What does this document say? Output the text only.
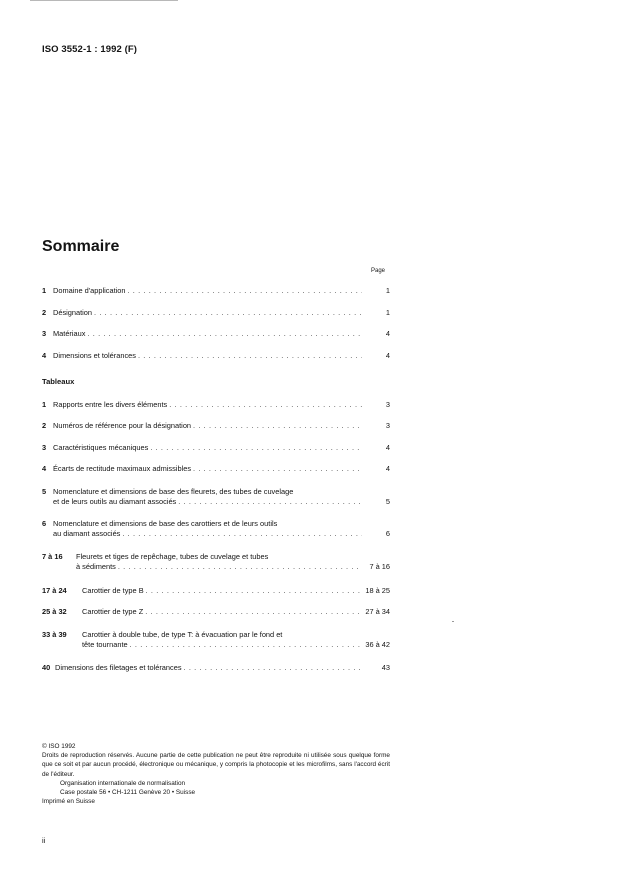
ISO 3552-1 : 1992 (F)
Sommaire
Page
1 Domaine d'application . . .	1
2 Désignation . . .	1
3 Matériaux . . .	4
4 Dimensions et tolérances . . .	4
1 Rapports entre les divers éléments . . .	3
2 Numéros de référence pour la désignation . . .	3
3 Caractéristiques mécaniques . . .	4
4 Écarts de rectitude maximaux admissibles . . .	4
5 Nomenclature et dimensions de base des fleurets, des tubes de cuvelage
et de leurs outils au diamant associés . . .	5
6 Nomenclature et dimensions de base des carottiers et de leurs outils
au diamant associés . . .	6
7 à 16 Fleurets et tiges de repêchage, tubes de cuvelage et tubes
à sédiments . . .	7 à 16
17 à 24 Carottier de type B . . .	18 à 25
25 à 32 Carottier de type Z . . .	27 à 34
33 à 39 Carottier à double tube, de type T: à évacuation par le fond et
tête tournante . . .	36 à 42
40 Dimensions des filetages et tolérances . . .	43
Tableaux

© ISO 1992

Droits de reproduction réservés. Aucune partie de cette publication ne peut être reproduite ni utilisée sous quelque forme que ce soit et par aucun procédé, électronique ou mécanique, y compris la photocopie et les microfilms, sans l'accord écrit de l'éditeur.

Organisation internationale de normalisation

Case postale 56 • CH-1211 Genève 20 • Suisse

Imprimé en Suisse

ii
